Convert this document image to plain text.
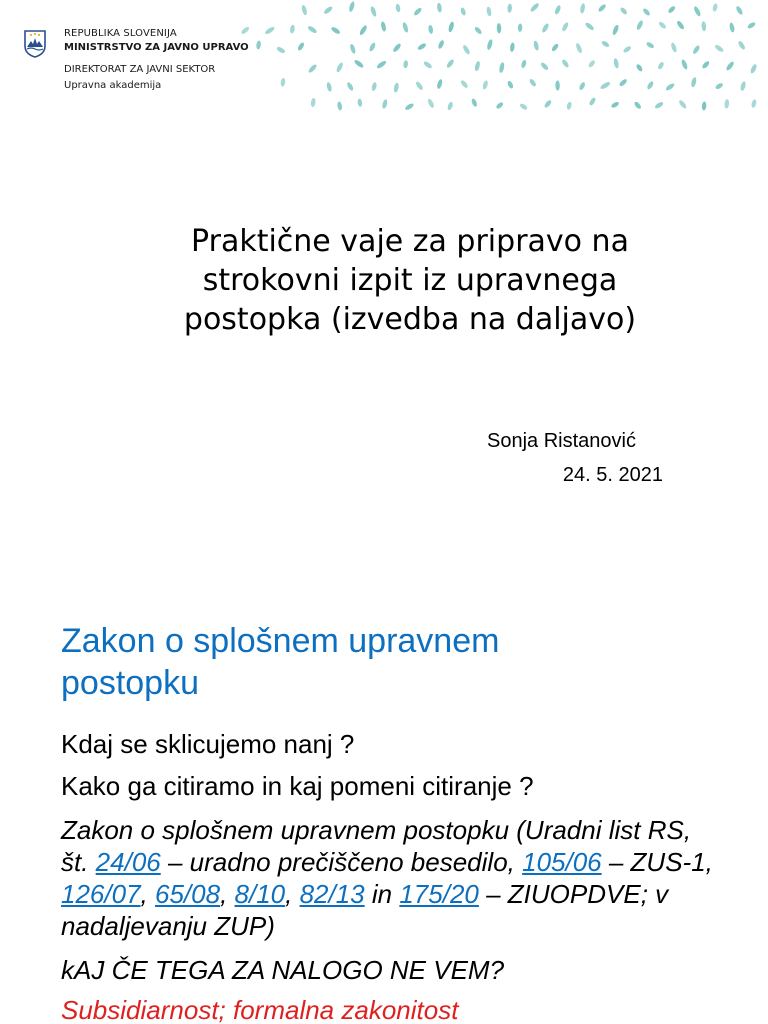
REPUBLIKA SLOVENIJA
MINISTRSTVO ZA JAVNO UPRAVO
DIREKTORAT ZA JAVNI SEKTOR
Upravna akademija
Praktične vaje za pripravo na
strokovni izpit iz upravnega
postopka (izvedba na daljavo)
Sonja Ristanović
24. 5. 2021
Zakon o splošnem upravnem
postopku

Kdaj se sklicujemo nanj ?

Kako ga citiramo in kaj pomeni citiranje ?

Zakon o splošnem upravnem postopku (Uradni list RS, št. 24/06 – uradno prečiščeno besedilo, 105/06 – ZUS-1, 126/07, 65/08, 8/10, 82/13 in 175/20 – ZIUOPDVE; v nadaljevanju ZUP)

kAJ ČE TEGA ZA NALOGO NE VEM?

Subsidiarnost; formalna zakonitost
